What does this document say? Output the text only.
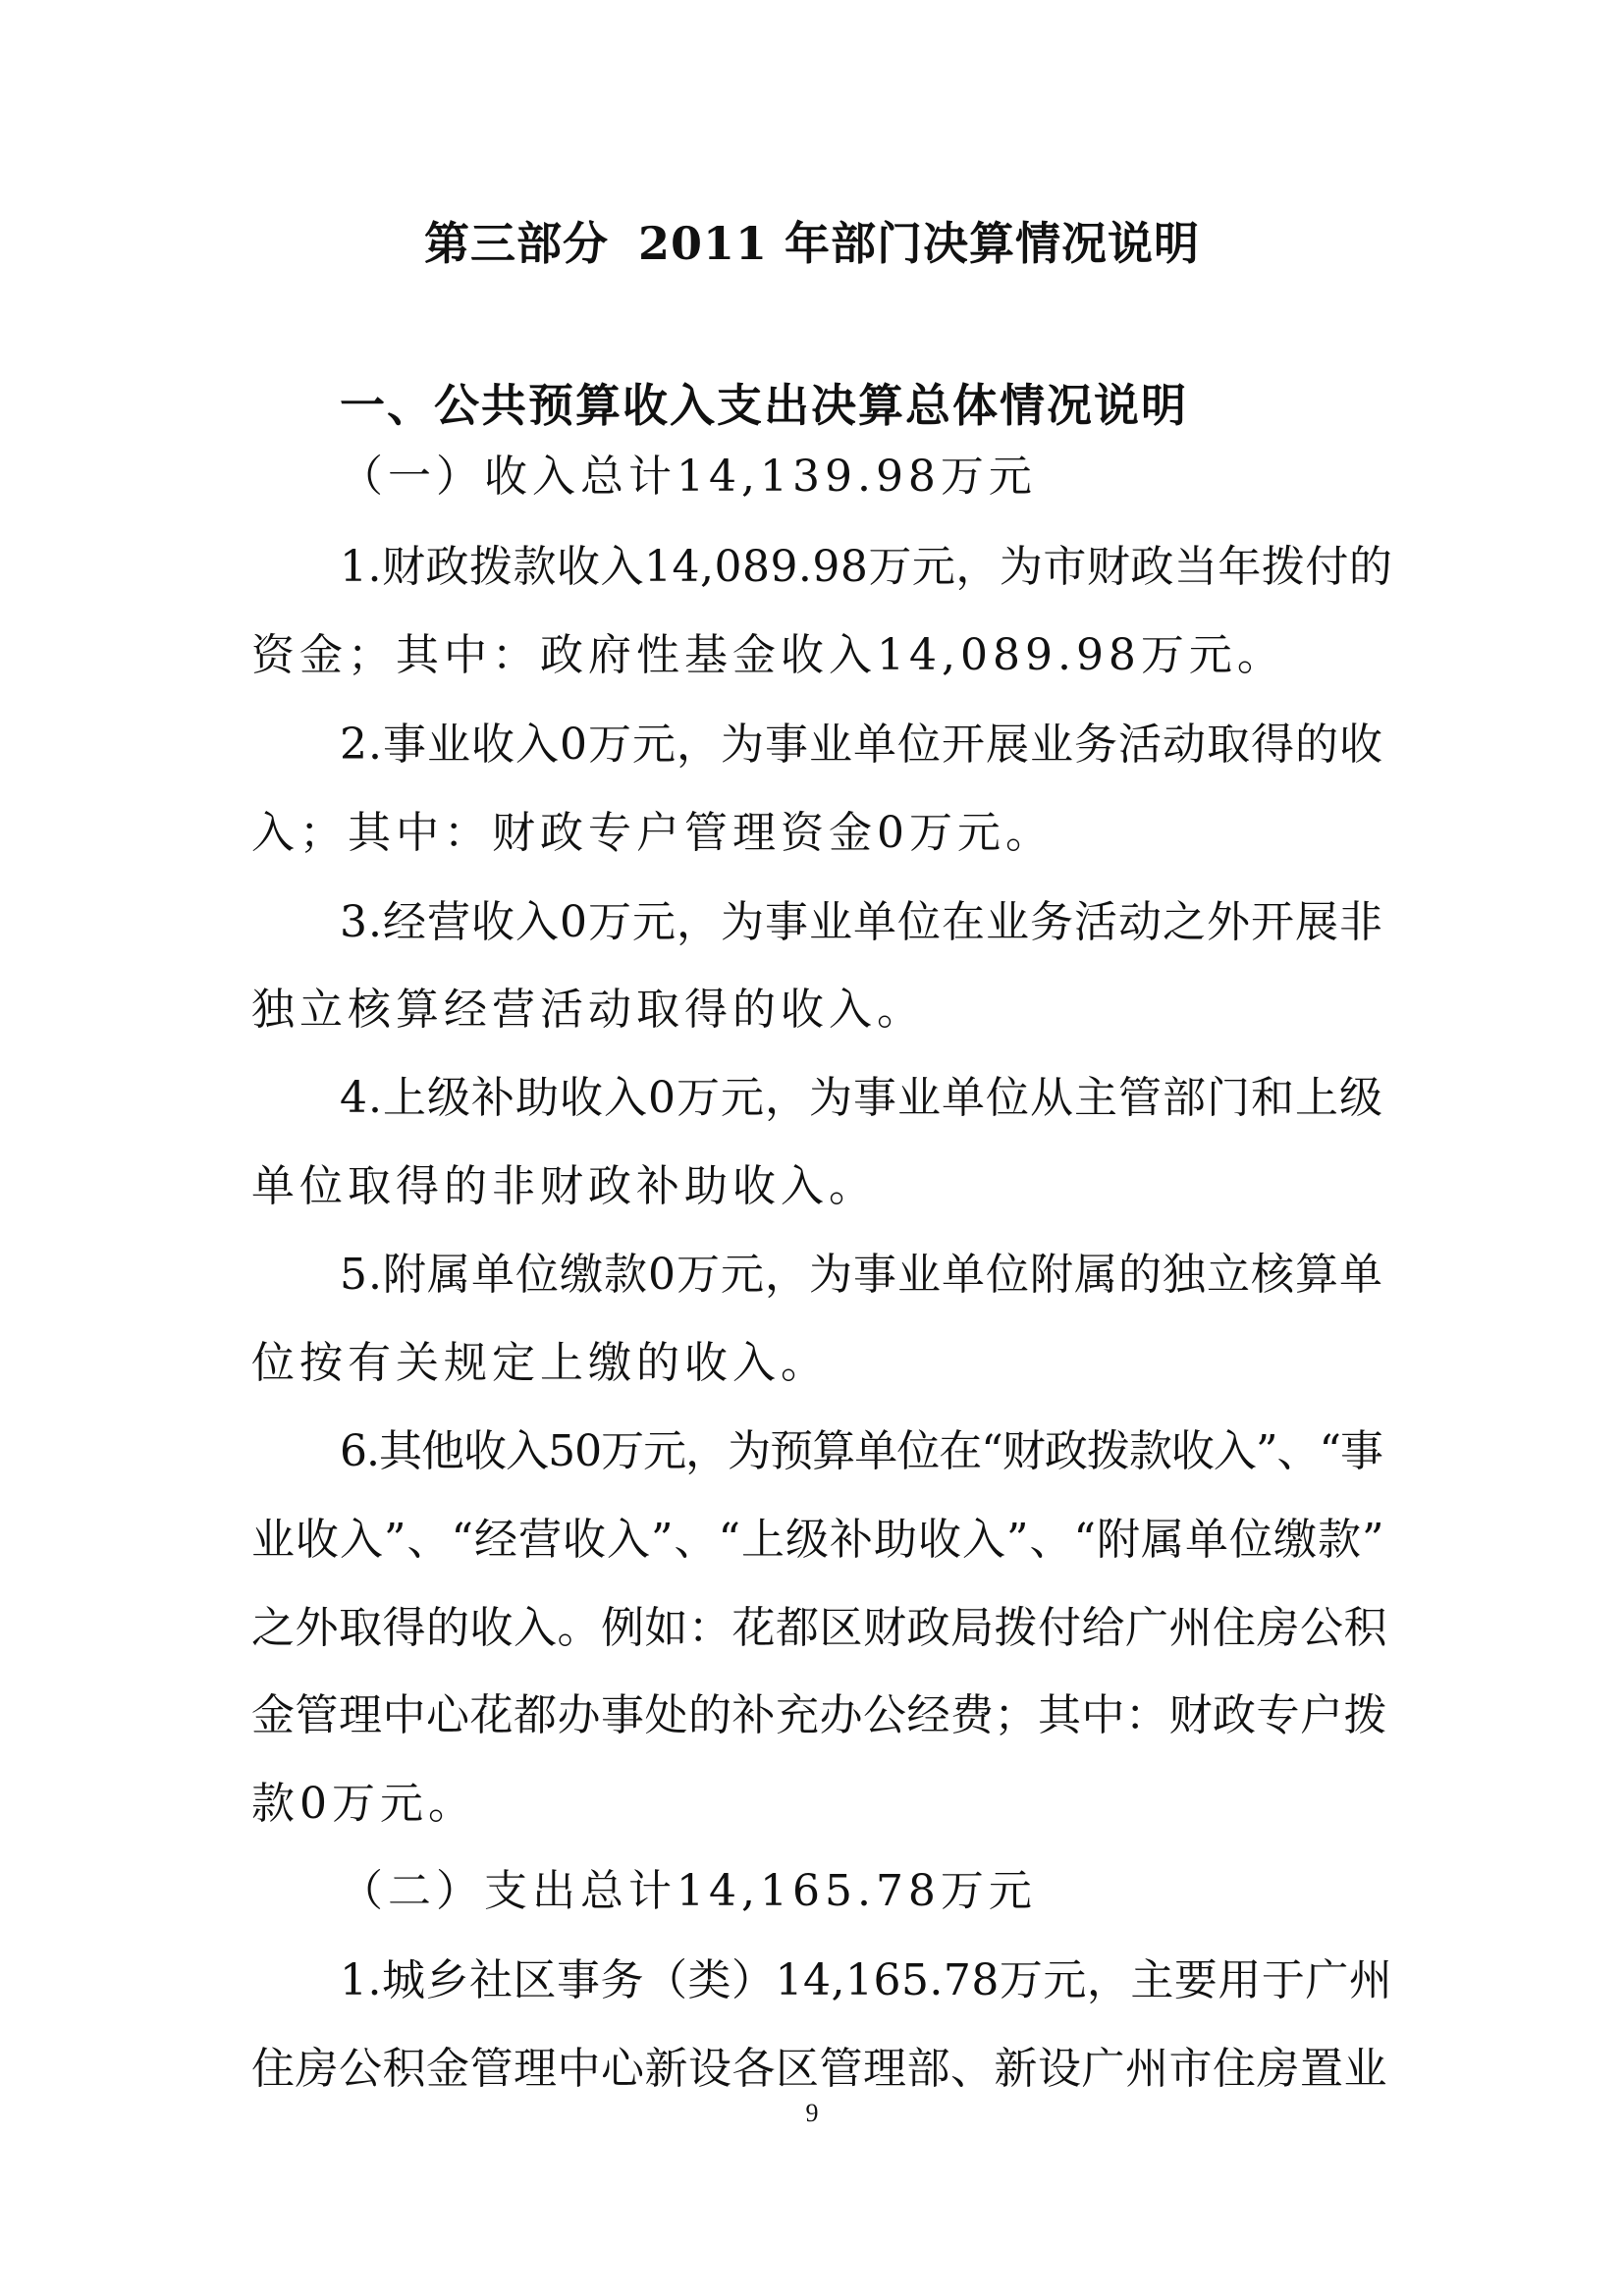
第三部分 2011 年部门决算情况说明
一、公共预算收入支出决算总体情况说明
（一）收入总计14,139.98万元
1.财政拨款收入14,089.98万元，为市财政当年拨付的
资金；其中：政府性基金收入14,089.98万元。
2.事业收入0万元，为事业单位开展业务活动取得的收
入；其中：财政专户管理资金0万元。
3.经营收入0万元，为事业单位在业务活动之外开展非
独立核算经营活动取得的收入。
4.上级补助收入0万元，为事业单位从主管部门和上级
单位取得的非财政补助收入。
5.附属单位缴款0万元，为事业单位附属的独立核算单
位按有关规定上缴的收入。
6.其他收入50万元，为预算单位在“财政拨款收入”、“事
业收入”、“经营收入”、“上级补助收入”、“附属单位缴款”
之外取得的收入。例如：花都区财政局拨付给广州住房公积
金管理中心花都办事处的补充办公经费；其中：财政专户拨
款0万元。
（二）支出总计14,165.78万元
1.城乡社区事务（类）14,165.78万元，主要用于广州
住房公积金管理中心新设各区管理部、新设广州市住房置业
9
